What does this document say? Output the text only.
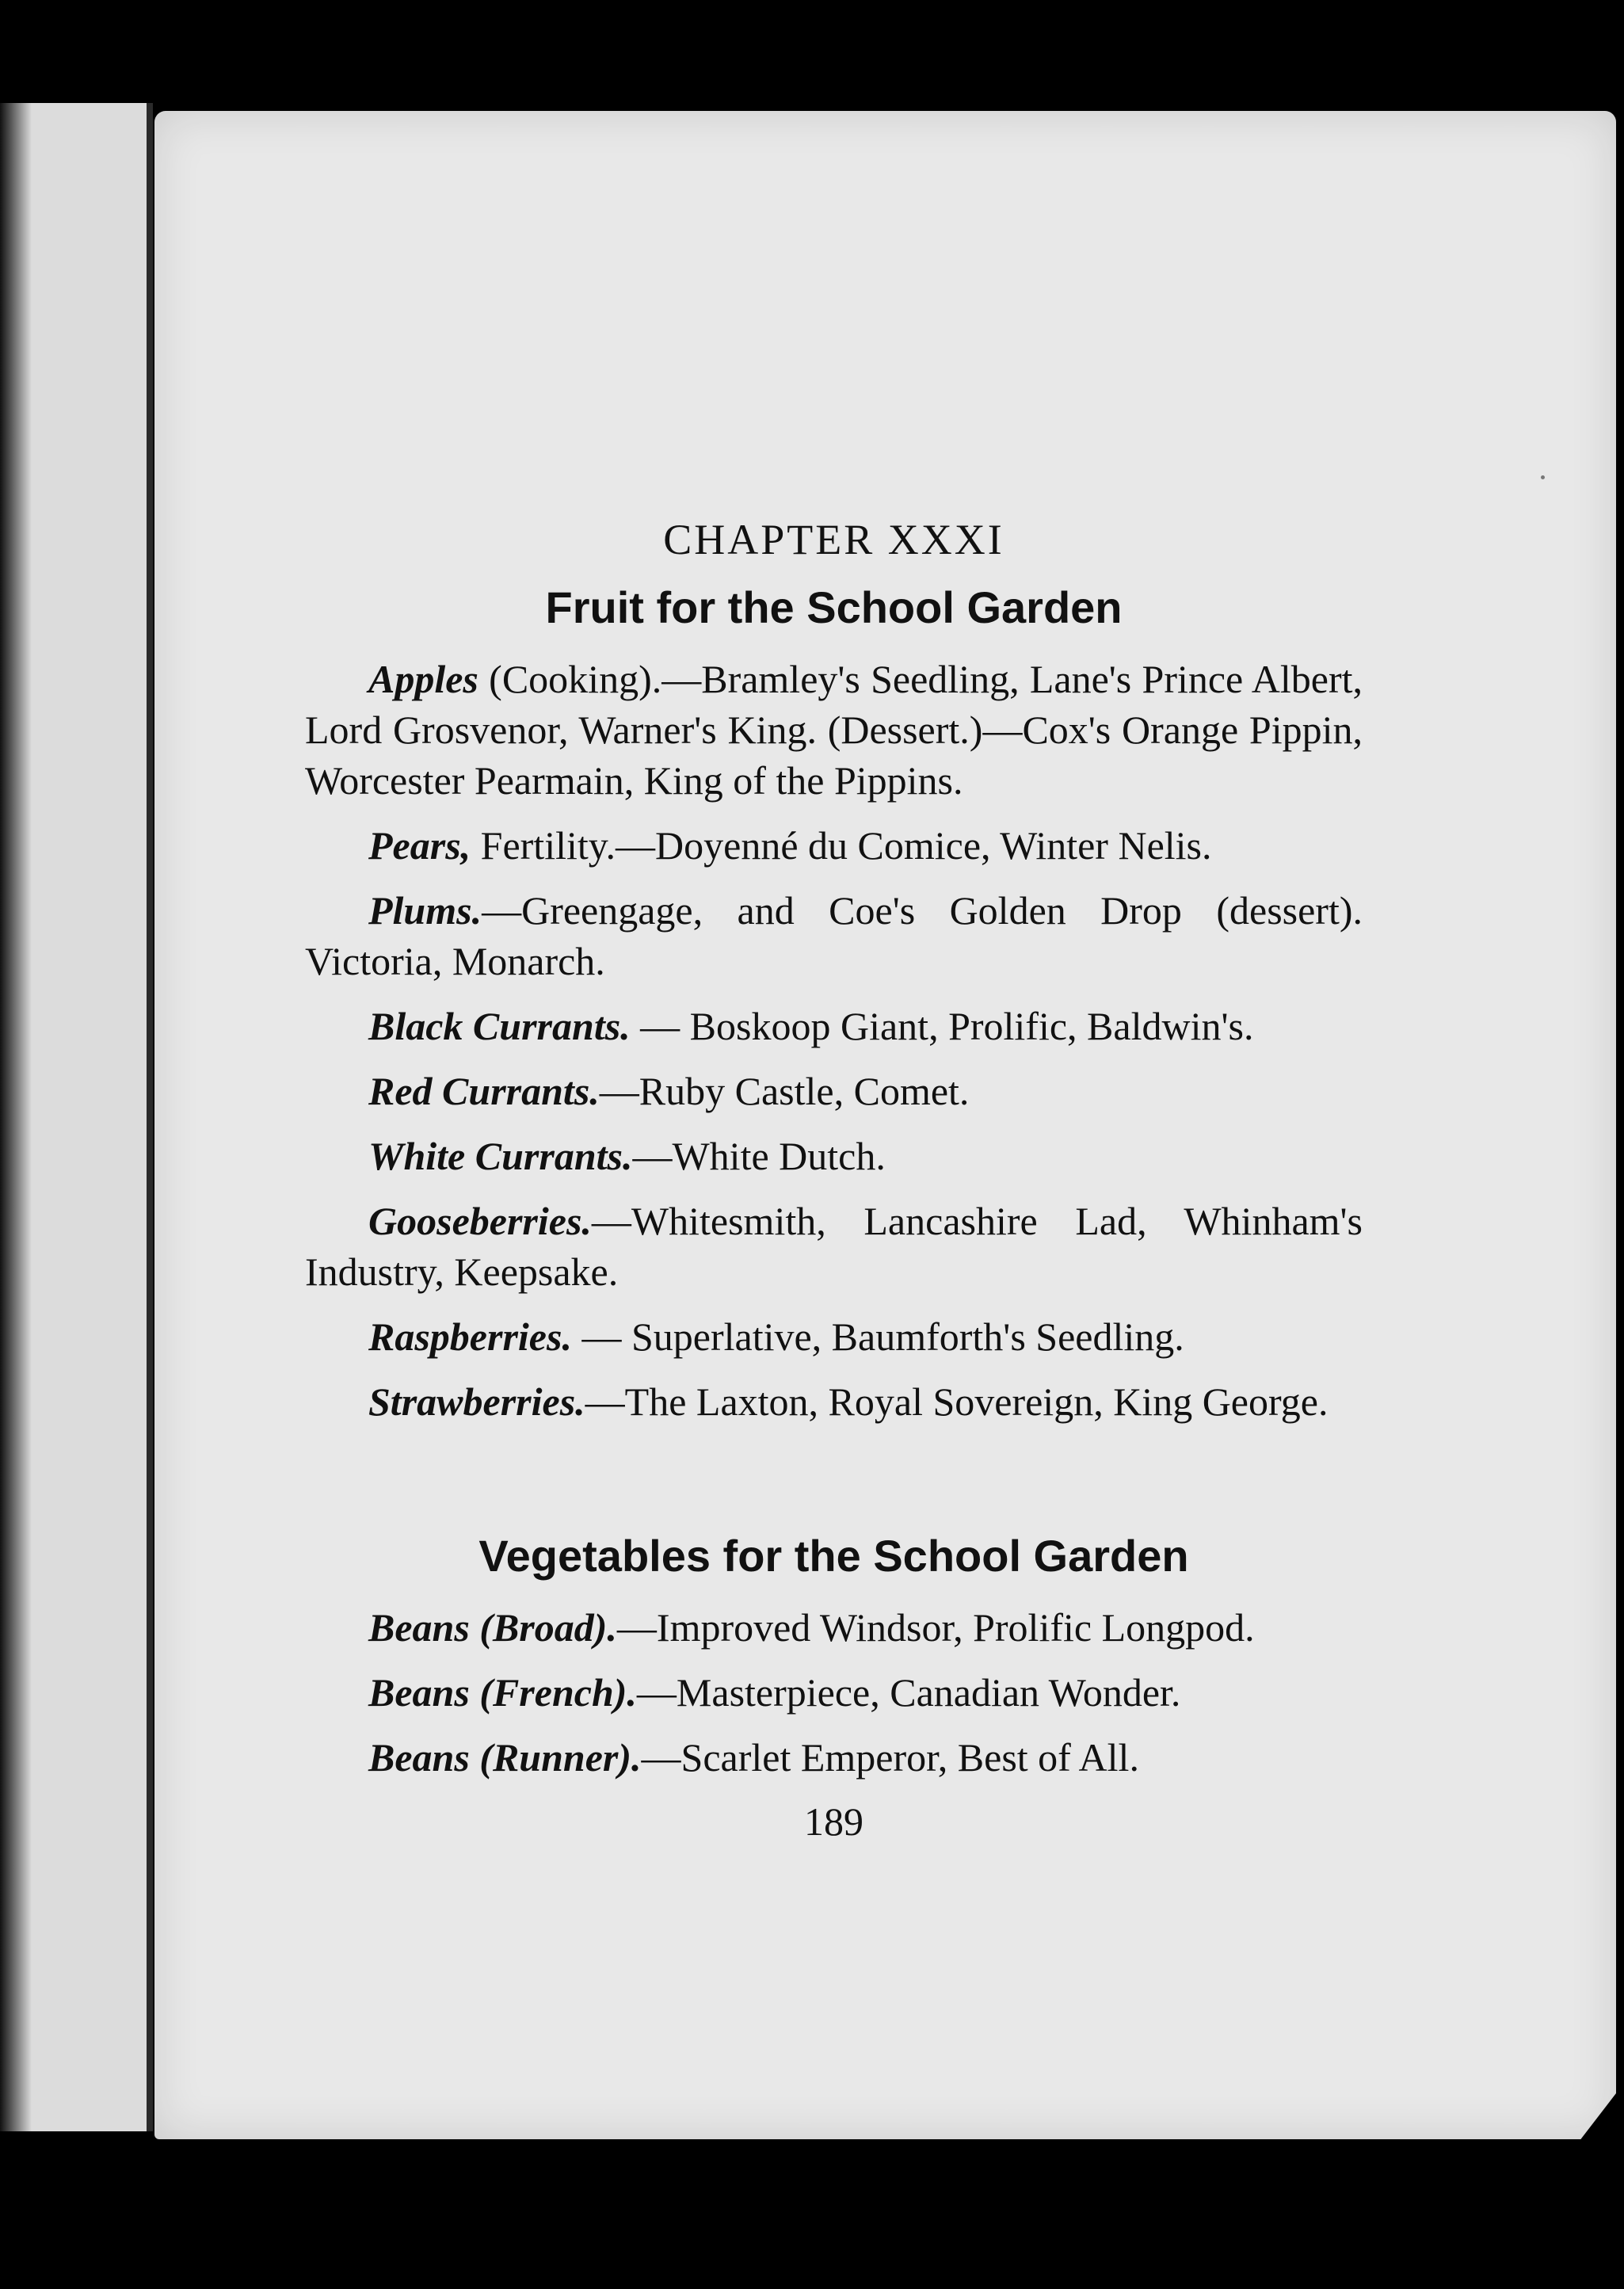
CHAPTER XXXI
Fruit for the School Garden

Apples (Cooking).—Bramley's Seedling, Lane's Prince Albert, Lord Grosvenor, Warner's King. (Dessert.)—Cox's Orange Pippin, Worcester Pearmain, King of the Pippins.

Pears, Fertility.—Doyenné du Comice, Winter Nelis.

Plums.—Greengage, and Coe's Golden Drop (dessert). Victoria, Monarch.

Black Currants. — Boskoop Giant, Prolific, Baldwin's.

Red Currants.—Ruby Castle, Comet.

White Currants.—White Dutch.

Gooseberries.—Whitesmith, Lancashire Lad, Whinham's Industry, Keepsake.

Raspberries. — Superlative, Baumforth's Seedling.

Strawberries.—The Laxton, Royal Sovereign, King George.

Vegetables for the School Garden

Beans (Broad).—Improved Windsor, Prolific Longpod.

Beans (French).—Masterpiece, Canadian Wonder.

Beans (Runner).—Scarlet Emperor, Best of All.

189
